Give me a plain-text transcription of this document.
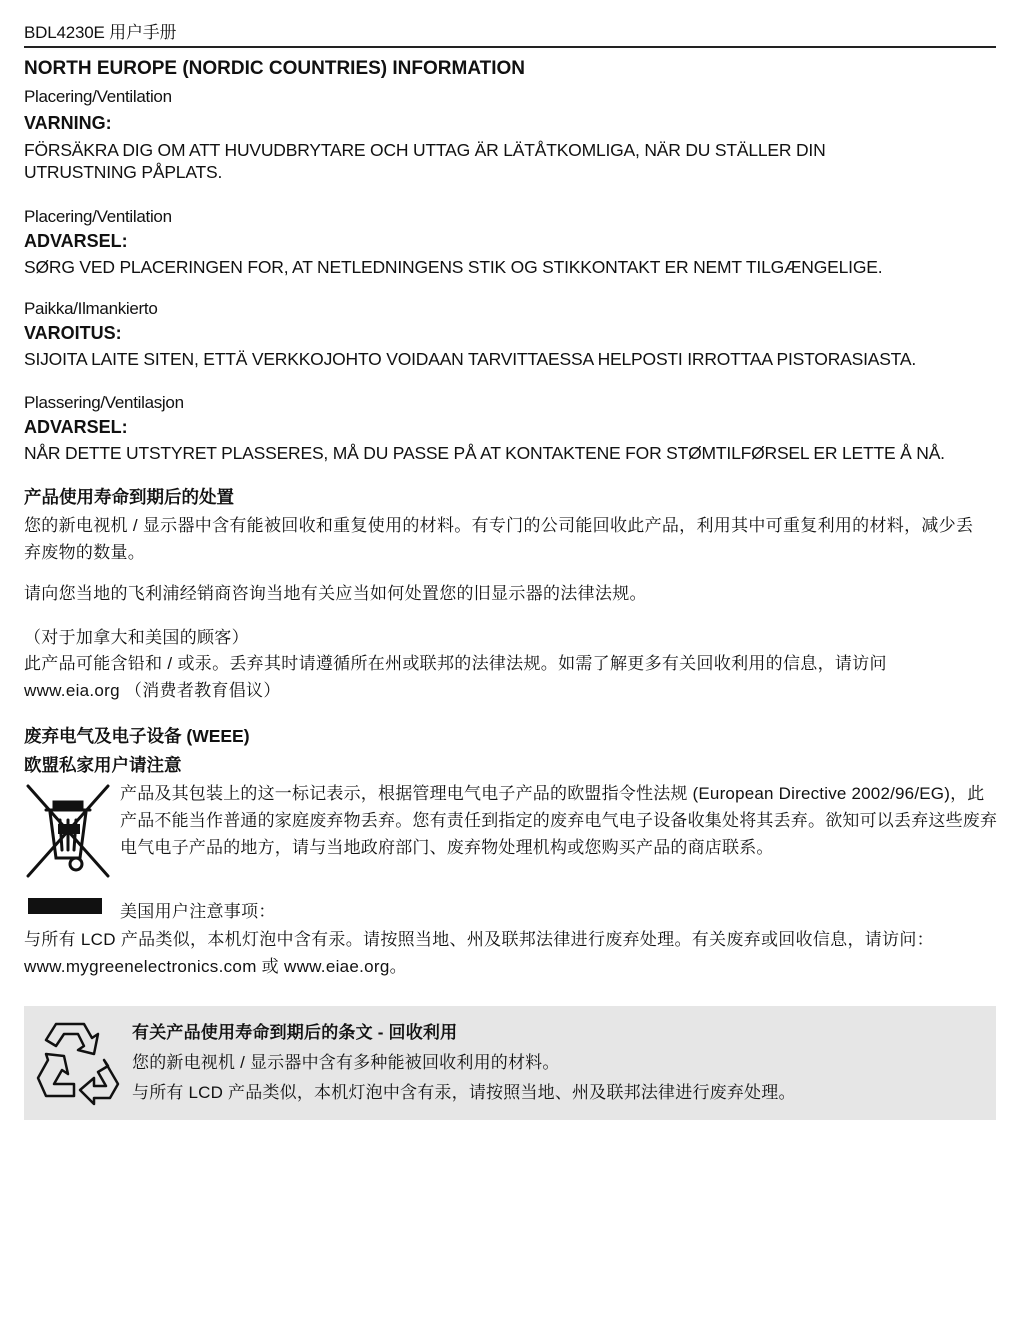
BDL4230E 用户手册
NORTH EUROPE (NORDIC COUNTRIES) INFORMATION
Placering/Ventilation
VARNING:
FÖRSÄKRA DIG OM ATT HUVUDBRYTARE OCH UTTAG ÄR LÄTÅTKOMLIGA, NÄR DU STÄLLER DIN UTRUSTNING PÅPLATS.
Placering/Ventilation
ADVARSEL:
SØRG VED PLACERINGEN FOR, AT NETLEDNINGENS STIK OG STIKKONTAKT ER NEMT TILGÆNGELIGE.
Paikka/Ilmankierto
VAROITUS:
SIJOITA LAITE SITEN, ETTÄ VERKKOJOHTO VOIDAAN TARVITTAESSA HELPOSTI IRROTTAA PISTORASIASTA.
Plassering/Ventilasjon
ADVARSEL:
NÅR DETTE UTSTYRET PLASSERES, MÅ DU PASSE PÅ AT KONTAKTENE FOR STØMTILFØRSEL ER LETTE Å NÅ.
产品使用寿命到期后的处置
您的新电视机 / 显示器中含有能被回收和重复使用的材料。有专门的公司能回收此产品，利用其中可重复利用的材料，减少丢弃废物的数量。
请向您当地的飞利浦经销商咨询当地有关应当如何处置您的旧显示器的法律法规。
（对于加拿大和美国的顾客）
此产品可能含铅和 / 或汞。丢弃其时请遵循所在州或联邦的法律法规。如需了解更多有关回收利用的信息，请访问 www.eia.org （消费者教育倡议）
废弃电气及电子设备 (WEEE)
欧盟私家用户请注意
产品及其包装上的这一标记表示，根据管理电气电子产品的欧盟指令性法规 (European Directive 2002/96/EG)，此产品不能当作普通的家庭废弃物丢弃。您有责任到指定的废弃电气电子设备收集处将其丢弃。欲知可以丢弃这些废弃电气电子产品的地方，请与当地政府部门、废弃物处理机构或您购买产品的商店联系。
美国用户注意事项：
与所有 LCD 产品类似，本机灯泡中含有汞。请按照当地、州及联邦法律进行废弃处理。有关废弃或回收信息，请访问：www.mygreenelectronics.com 或 www.eiae.org。
有关产品使用寿命到期后的条文 - 回收利用
您的新电视机 / 显示器中含有多种能被回收利用的材料。
与所有 LCD 产品类似，本机灯泡中含有汞，请按照当地、州及联邦法律进行废弃处理。
